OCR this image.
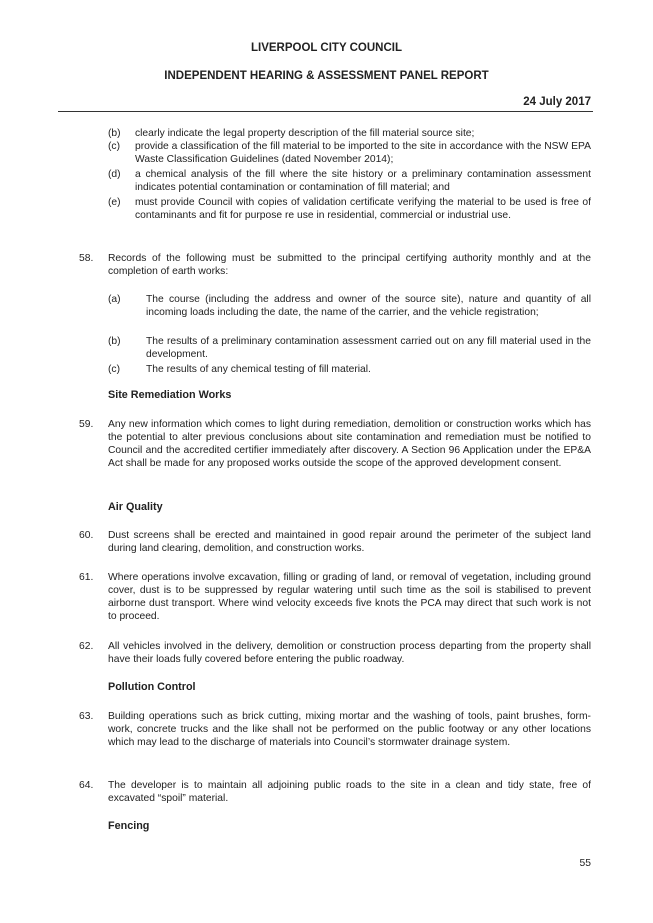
LIVERPOOL CITY COUNCIL
INDEPENDENT HEARING & ASSESSMENT PANEL REPORT
24 July 2017
(b) clearly indicate the legal property description of the fill material source site;
(c) provide a classification of the fill material to be imported to the site in accordance with the NSW EPA Waste Classification Guidelines (dated November 2014);
(d) a chemical analysis of the fill where the site history or a preliminary contamination assessment indicates potential contamination or contamination of fill material; and
(e) must provide Council with copies of validation certificate verifying the material to be used is free of contaminants and fit for purpose re use in residential, commercial or industrial use.
58. Records of the following must be submitted to the principal certifying authority monthly and at the completion of earth works:
(a) The course (including the address and owner of the source site), nature and quantity of all incoming loads including the date, the name of the carrier, and the vehicle registration;
(b) The results of a preliminary contamination assessment carried out on any fill material used in the development.
(c)	The results of any chemical testing of fill material.
Site Remediation Works
59. Any new information which comes to light during remediation, demolition or construction works which has the potential to alter previous conclusions about site contamination and remediation must be notified to Council and the accredited certifier immediately after discovery. A Section 96 Application under the EP&A Act shall be made for any proposed works outside the scope of the approved development consent.
Air Quality
60. Dust screens shall be erected and maintained in good repair around the perimeter of the subject land during land clearing, demolition, and construction works.
61. Where operations involve excavation, filling or grading of land, or removal of vegetation, including ground cover, dust is to be suppressed by regular watering until such time as the soil is stabilised to prevent airborne dust transport. Where wind velocity exceeds five knots the PCA may direct that such work is not to proceed.
62. All vehicles involved in the delivery, demolition or construction process departing from the property shall have their loads fully covered before entering the public roadway.
Pollution Control
63. Building operations such as brick cutting, mixing mortar and the washing of tools, paint brushes, form-work, concrete trucks and the like shall not be performed on the public footway or any other locations which may lead to the discharge of materials into Council’s stormwater drainage system.
64. The developer is to maintain all adjoining public roads to the site in a clean and tidy state, free of excavated “spoil” material.
Fencing
55
